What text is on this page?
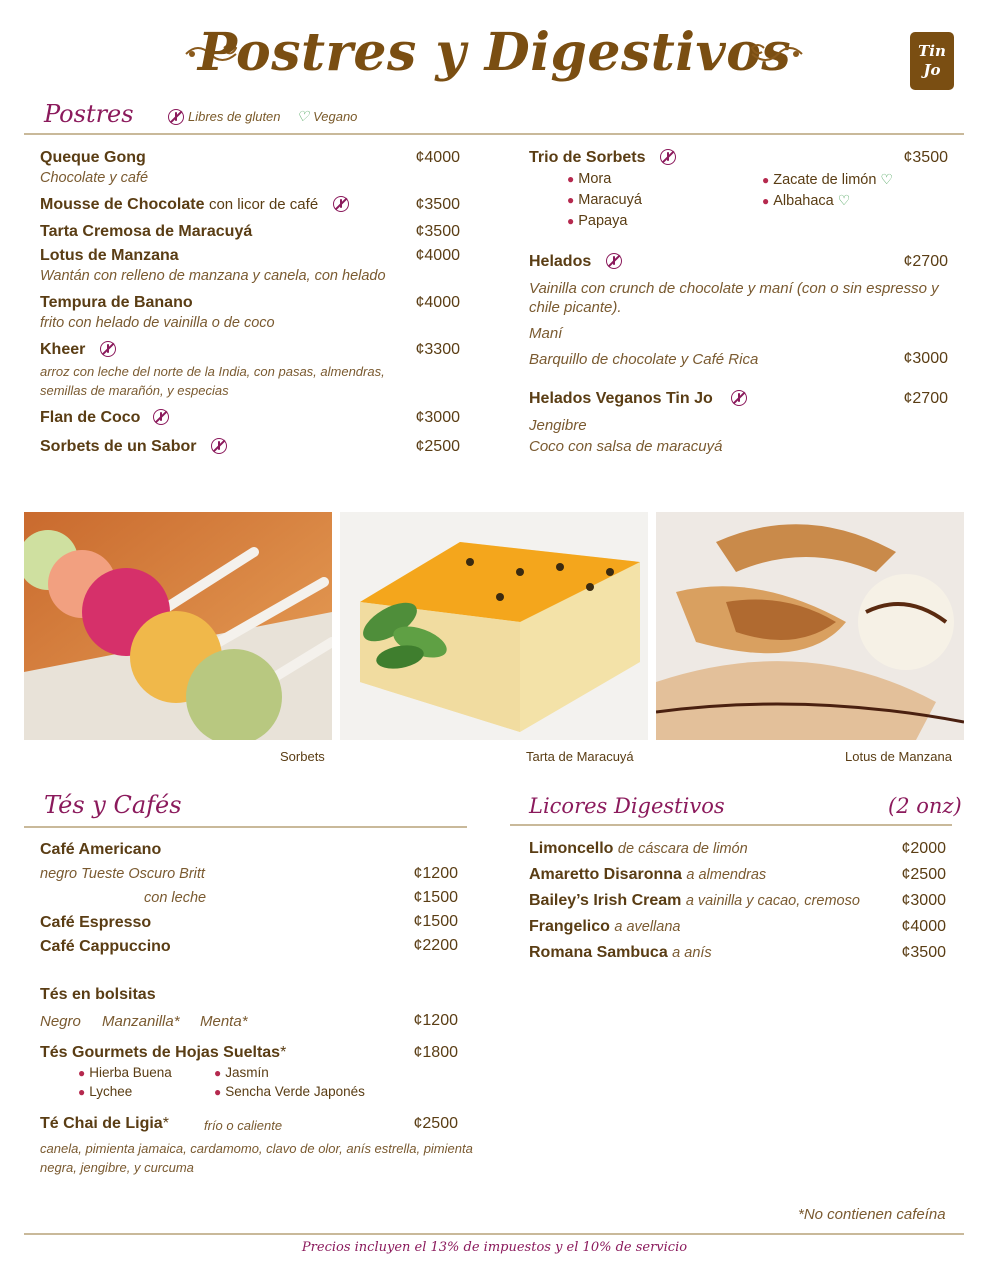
Postres y Digestivos	Tin
Jo
Postres	Libres de gluten ♡ Vegano
Queque Gong	¢4000
Chocolate y café
Mousse de Chocolate con licor de café	¢3500
Tarta Cremosa de Maracuyá	¢3500
Lotus de Manzana	¢4000
Wantán con relleno de manzana y canela, con helado
Tempura de Banano	¢4000
frito con helado de vainilla o de coco
Kheer	¢3300
arroz con leche del norte de la India, con pasas, almendras,
semillas de marañón, y especias
Flan de Coco	¢3000
Sorbets de un Sabor	¢2500
Trio de Sorbets	¢3500
● Mora
● Maracuyá
● Papaya
● Zacate de limón ♡
● Albahaca ♡
Helados	¢2700
Vainilla con crunch de chocolate y maní (con o sin espresso y
chile picante).
Maní
Barquillo de chocolate y Café Rica	¢3000
Helados Veganos Tin Jo	¢2700
Jengibre
Coco con salsa de maracuyá
Sorbets	Tarta de Maracuyá	Lotus de Manzana
Tés y Cafés
Café Americano
negro Tueste Oscuro Britt	¢1200
con leche	¢1500
Café Espresso	¢1500
Café Cappuccino	¢2200
Tés en bolsitas
Negro Manzanilla* Menta*	¢1200
Tés Gourmets de Hojas Sueltas*	¢1800
● Hierba Buena
● Lychee
● Jasmín
● Sencha Verde Japonés
Té Chai de Ligia*	frío o caliente	¢2500
canela, pimienta jamaica, cardamomo, clavo de olor, anís estrella, pimienta
negra, jengibre, y curcuma
Licores Digestivos	(2 onz)
Limoncello de cáscara de limón	¢2000
Amaretto Disaronna a almendras	¢2500
Bailey’s Irish Cream a vainilla y cacao, cremoso	¢3000
Frangelico a avellana	¢4000
Romana Sambuca a anís	¢3500
*No contienen cafeína
Precios incluyen el 13% de impuestos y el 10% de servicio
